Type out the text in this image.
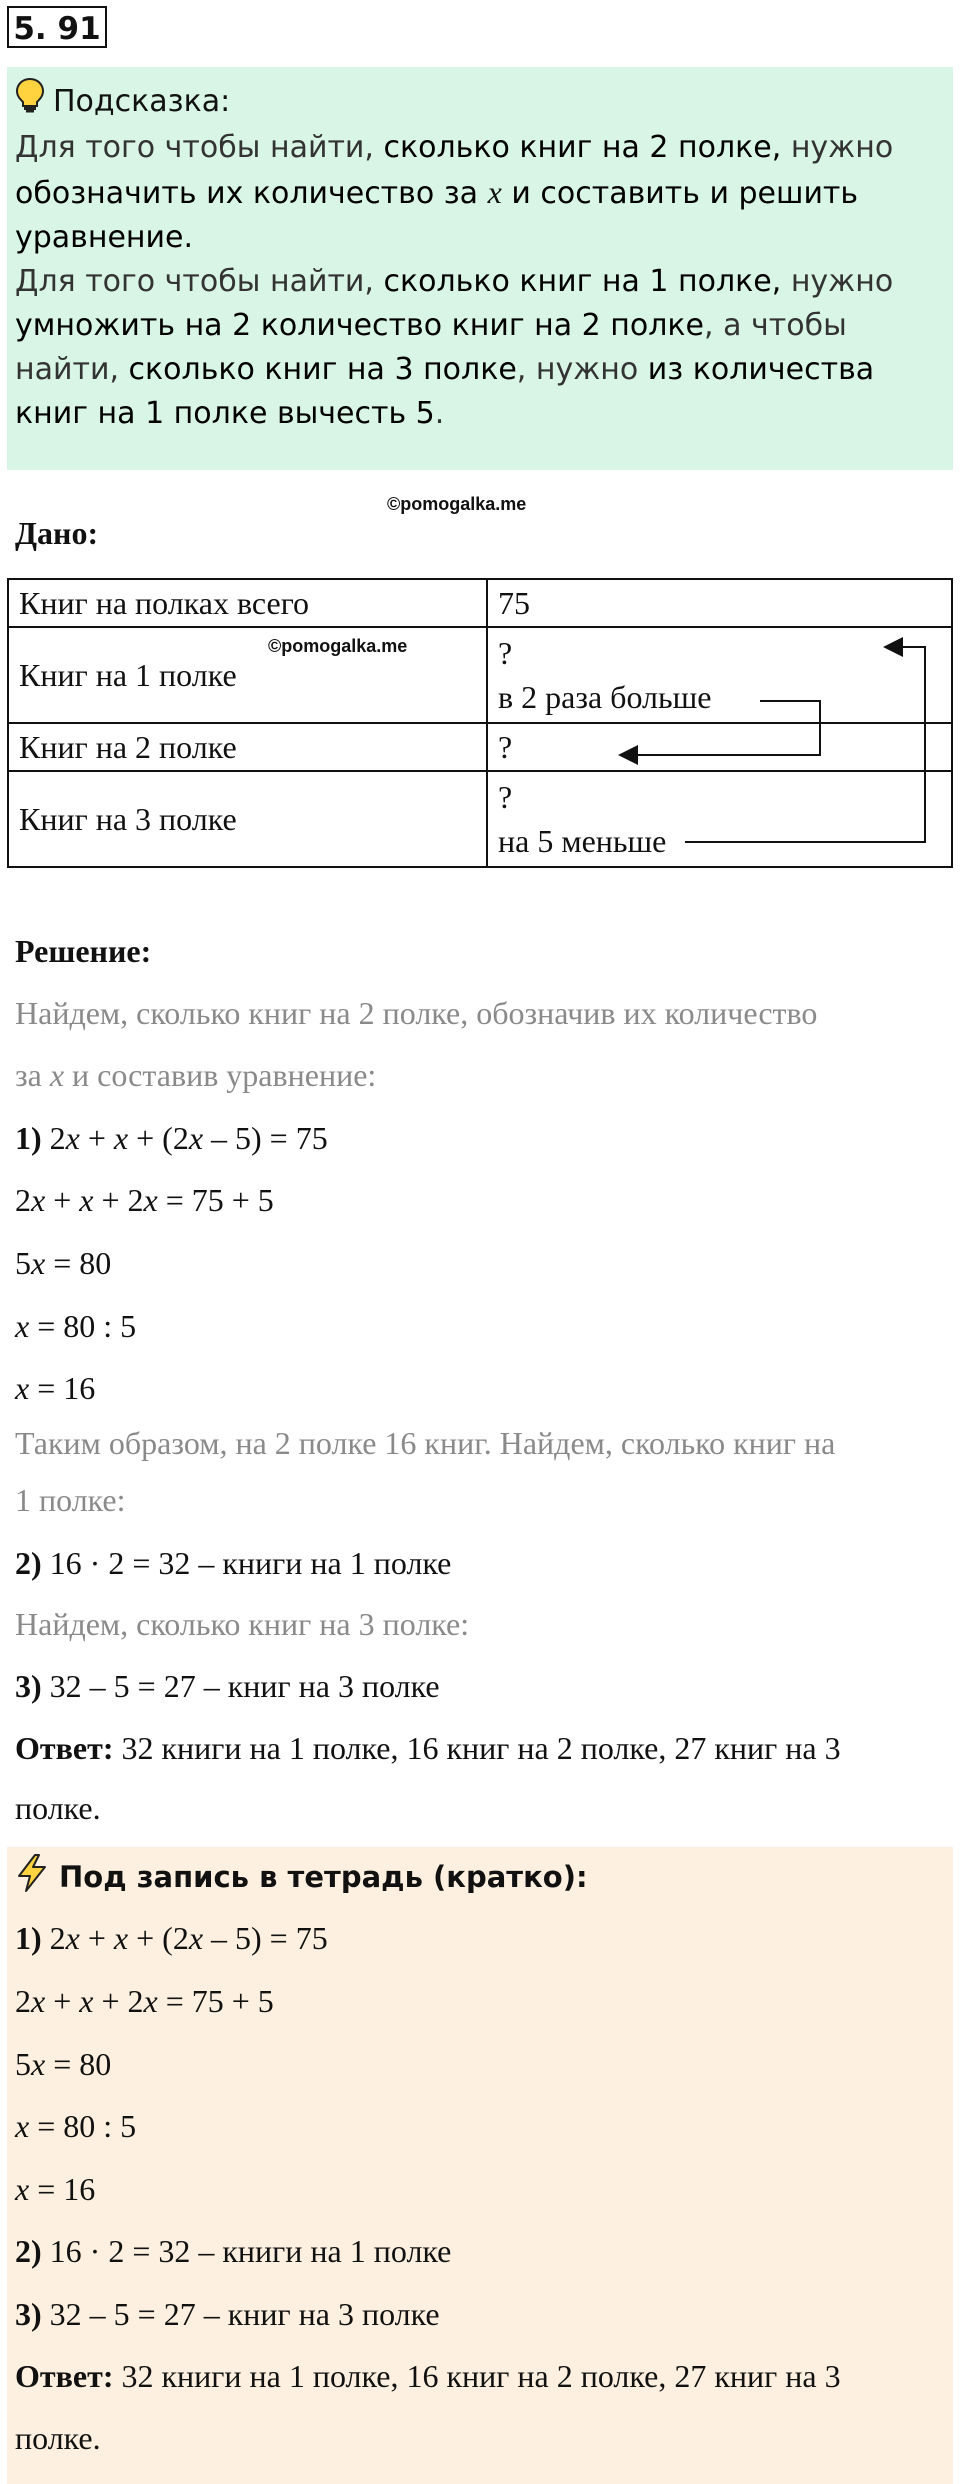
5. 91
Подсказка:

Для того чтобы найти, сколько книг на 2 полке, нужно обозначить их количество за x и составить и решить уравнение.

Для того чтобы найти, сколько книг на 1 полке, нужно умножить на 2 количество книг на 2 полке, а чтобы найти, сколько книг на 3 полке, нужно из количества книг на 1 полке вычесть 5.

©pomogalka.me
Дано:
Книг на полках всего	75
Книг на 1 полке	?
в 2 раза больше

Книг на 2 полке	?
Книг на 3 полке	?
на 5 меньше
©pomogalka.me
Решение:
Найдем, сколько книг на 2 полке, обозначив их количество
за x и составив уравнение:
1) 2x + x + (2x – 5) = 75
2x + x + 2x = 75 + 5
5x = 80
x = 80 : 5
x = 16
Таким образом, на 2 полке 16 книг. Найдем, сколько книг на
1 полке:
2) 16 · 2 = 32 – книги на 1 полке
Найдем, сколько книг на 3 полке:
3) 32 – 5 = 27 – книг на 3 полке
Ответ: 32 книги на 1 полке, 16 книг на 2 полке, 27 книг на 3
полке.
Под запись в тетрадь (кратко):
1) 2x + x + (2x – 5) = 75
2x + x + 2x = 75 + 5
5x = 80
x = 80 : 5
x = 16
2) 16 · 2 = 32 – книги на 1 полке
3) 32 – 5 = 27 – книг на 3 полке
Ответ: 32 книги на 1 полке, 16 книг на 2 полке, 27 книг на 3
полке.
